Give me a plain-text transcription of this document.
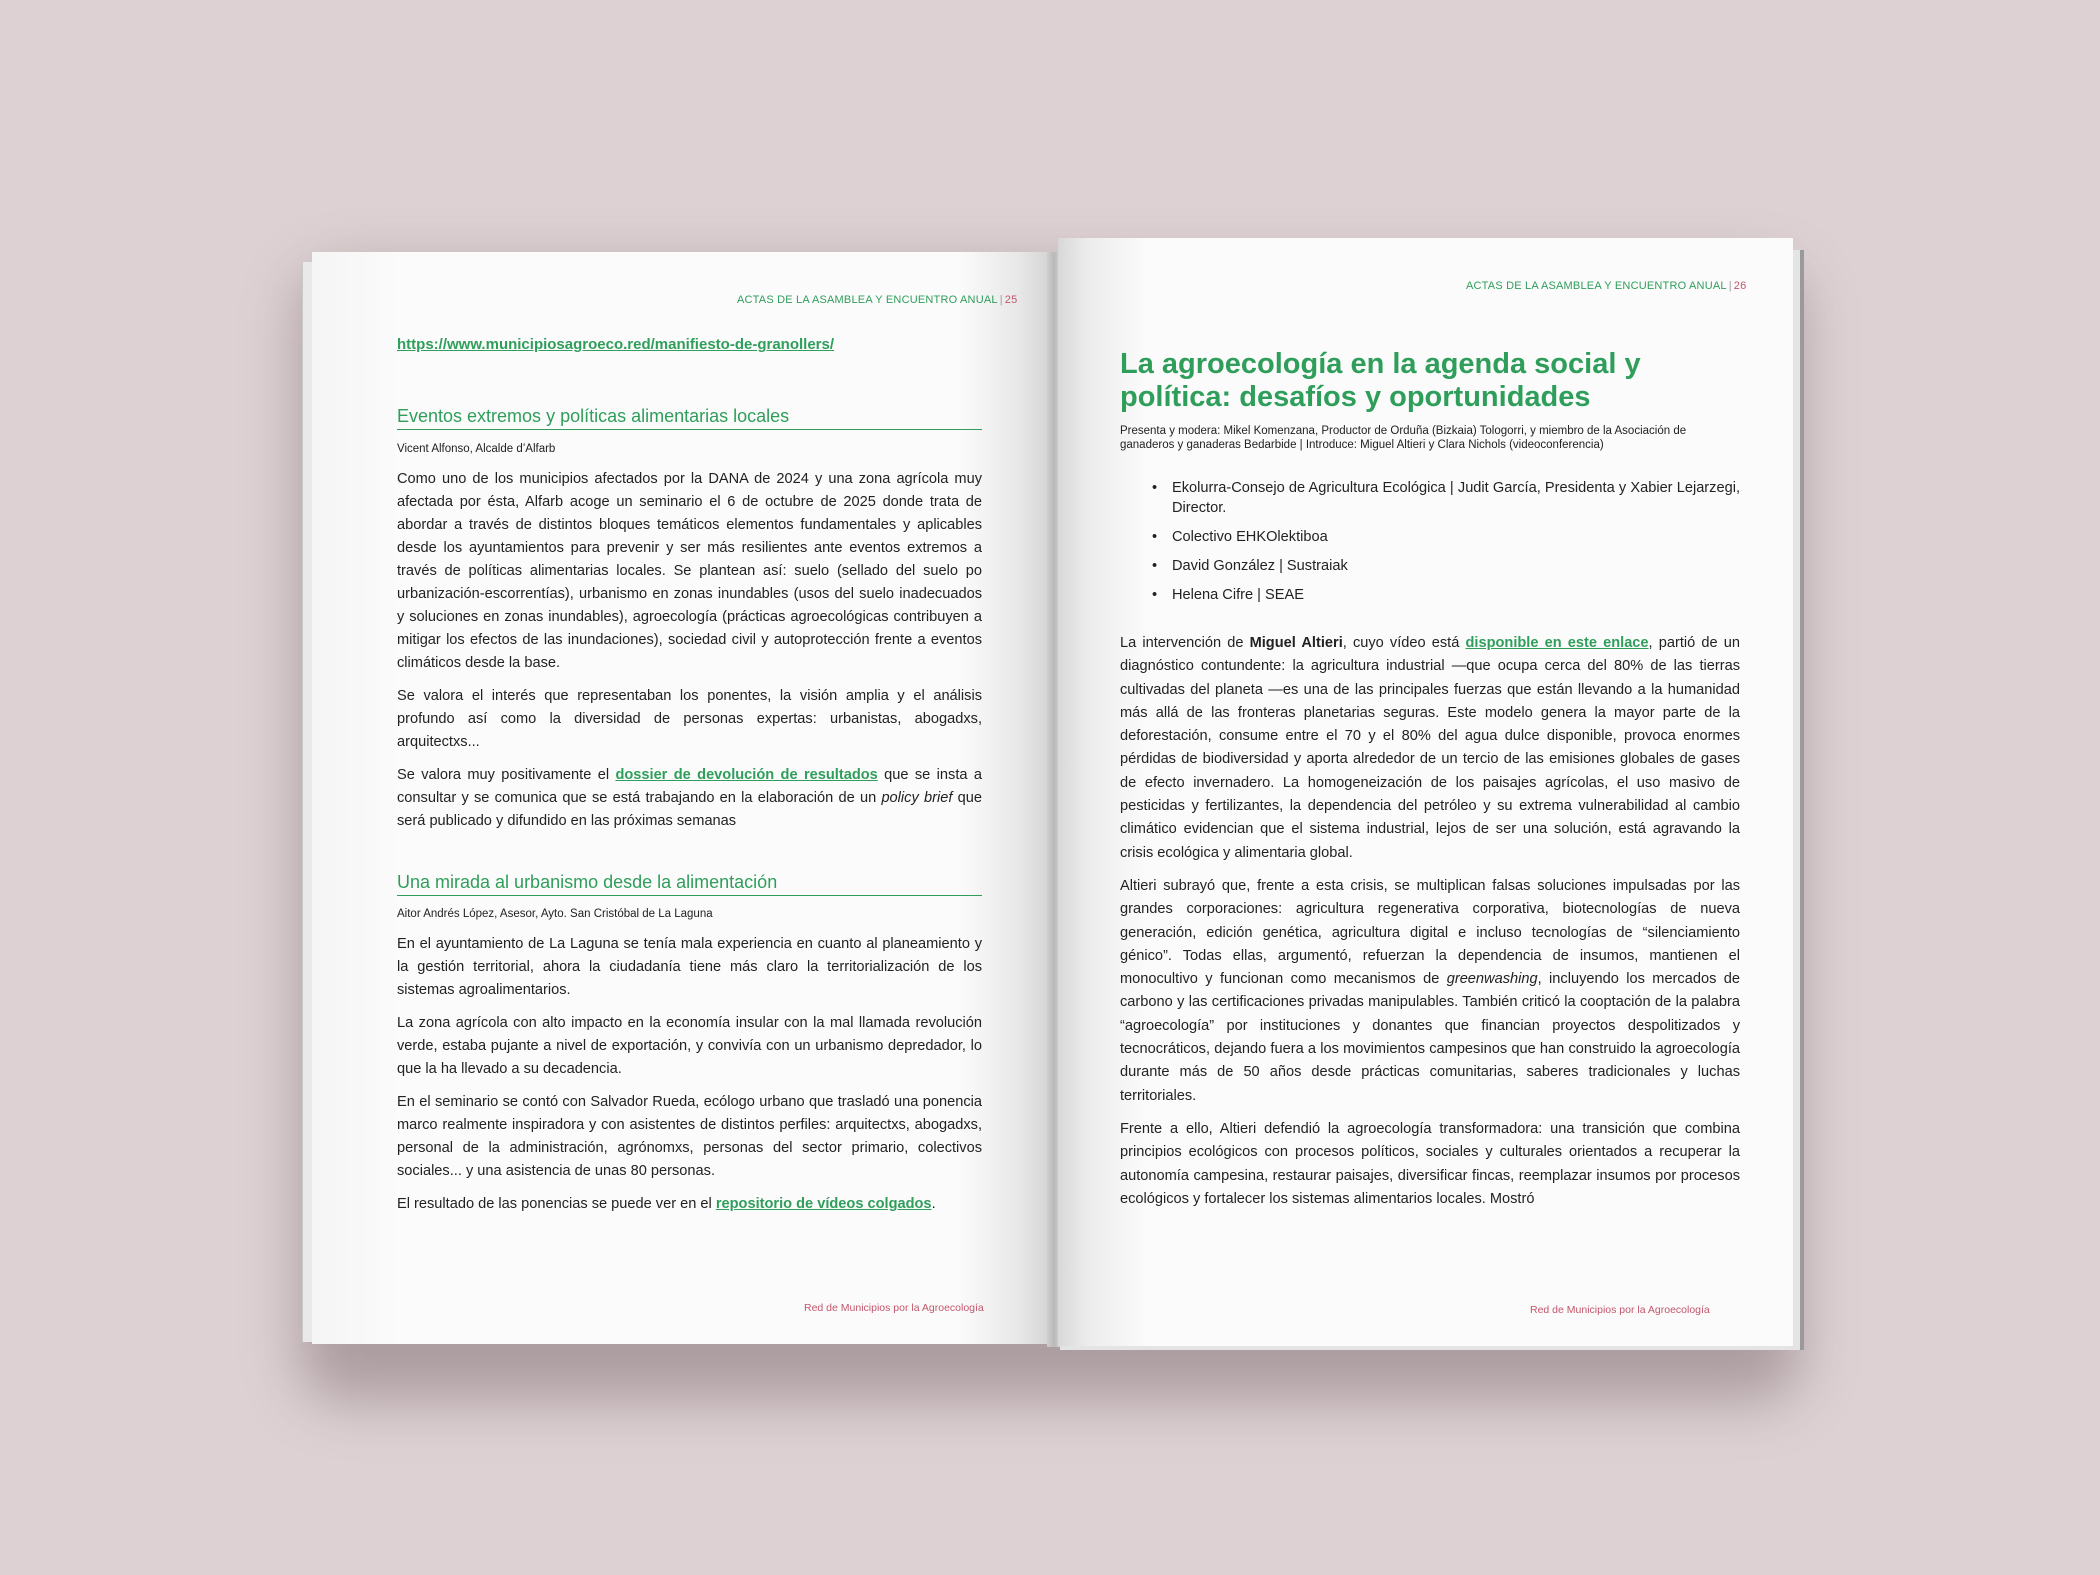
ACTAS DE LA ASAMBLEA Y ENCUENTRO ANUAL | 25
https://www.municipiosagroeco.red/manifiesto-de-granollers/
Eventos extremos y políticas alimentarias locales
Vicent Alfonso, Alcalde d’Alfarb

Como uno de los municipios afectados por la DANA de 2024 y una zona agrícola muy afectada por ésta, Alfarb acoge un seminario el 6 de octubre de 2025 donde trata de abordar a través de distintos bloques temáticos elementos fundamentales y aplicables desde los ayuntamientos para prevenir y ser más resilientes ante eventos extremos a través de políticas alimentarias locales. Se plantean así: suelo (sellado del suelo po urbanización-escorrentías), urbanismo en zonas inundables (usos del suelo inadecuados y soluciones en zonas inundables), agroecología (prácticas agroecológicas contribuyen a mitigar los efectos de las inundaciones), sociedad civil y autoprotección frente a eventos climáticos desde la base.

Se valora el interés que representaban los ponentes, la visión amplia y el análisis profundo así como la diversidad de personas expertas: urbanistas, abogadxs, arquitectxs...

Se valora muy positivamente el dossier de devolución de resultados que se insta a consultar y se comunica que se está trabajando en la elaboración de un policy brief que será publicado y difundido en las próximas semanas

Una mirada al urbanismo desde la alimentación
Aitor Andrés López, Asesor, Ayto. San Cristóbal de La Laguna

En el ayuntamiento de La Laguna se tenía mala experiencia en cuanto al planeamiento y la gestión territorial, ahora la ciudadanía tiene más claro la territorialización de los sistemas agroalimentarios.

La zona agrícola con alto impacto en la economía insular con la mal llamada revolución verde, estaba pujante a nivel de exportación, y convivía con un urbanismo depredador, lo que la ha llevado a su decadencia.

En el seminario se contó con Salvador Rueda, ecólogo urbano que trasladó una ponencia marco realmente inspiradora y con asistentes de distintos perfiles: arquitectxs, abogadxs, personal de la administración, agrónomxs, personas del sector primario, colectivos sociales... y una asistencia de unas 80 personas.

El resultado de las ponencias se puede ver en el repositorio de vídeos colgados.

Red de Municipios por la Agroecología
ACTAS DE LA ASAMBLEA Y ENCUENTRO ANUAL | 26
La agroecología en la agenda social y política: desafíos y oportunidades
Presenta y modera: Mikel Komenzana, Productor de Orduña (Bizkaia) Tologorri, y miembro de la Asociación de ganaderos y ganaderas Bedarbide | Introduce: Miguel Altieri y Clara Nichols (videoconferencia)
• Ekolurra-Consejo de Agricultura Ecológica | Judit García, Presidenta y Xabier Lejarzegi, Director.
• Colectivo EHKOlektiboa
• David González | Sustraiak
• Helena Cifre | SEAE

La intervención de Miguel Altieri, cuyo vídeo está disponible en este enlace, partió de un diagnóstico contundente: la agricultura industrial —que ocupa cerca del 80% de las tierras cultivadas del planeta —es una de las principales fuerzas que están llevando a la humanidad más allá de las fronteras planetarias seguras. Este modelo genera la mayor parte de la deforestación, consume entre el 70 y el 80% del agua dulce disponible, provoca enormes pérdidas de biodiversidad y aporta alrededor de un tercio de las emisiones globales de gases de efecto invernadero. La homogeneización de los paisajes agrícolas, el uso masivo de pesticidas y fertilizantes, la dependencia del petróleo y su extrema vulnerabilidad al cambio climático evidencian que el sistema industrial, lejos de ser una solución, está agravando la crisis ecológica y alimentaria global.

Altieri subrayó que, frente a esta crisis, se multiplican falsas soluciones impulsadas por las grandes corporaciones: agricultura regenerativa corporativa, biotecnologías de nueva generación, edición genética, agricultura digital e incluso tecnologías de “silenciamiento génico”. Todas ellas, argumentó, refuerzan la dependencia de insumos, mantienen el monocultivo y funcionan como mecanismos de greenwashing, incluyendo los mercados de carbono y las certificaciones privadas manipulables. También criticó la cooptación de la palabra “agroecología” por instituciones y donantes que financian proyectos despolitizados y tecnocráticos, dejando fuera a los movimientos campesinos que han construido la agroecología durante más de 50 años desde prácticas comunitarias, saberes tradicionales y luchas territoriales.

Frente a ello, Altieri defendió la agroecología transformadora: una transición que combina principios ecológicos con procesos políticos, sociales y culturales orientados a recuperar la autonomía campesina, restaurar paisajes, diversificar fincas, reemplazar insumos por procesos ecológicos y fortalecer los sistemas alimentarios locales. Mostró

Red de Municipios por la Agroecología
